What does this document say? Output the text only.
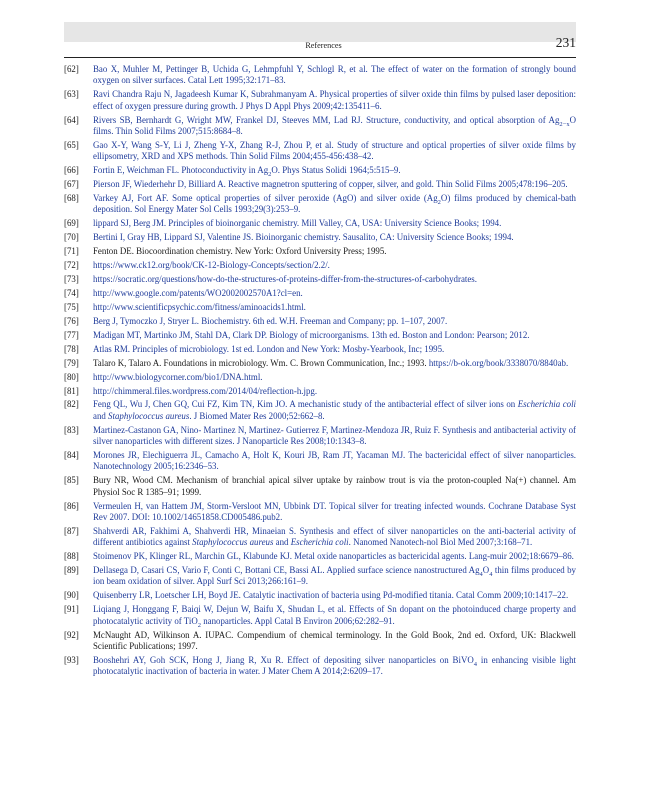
References	231
[62]	Bao X, Muhler M, Pettinger B, Uchida G, Lehmpfuhl Y, Schlogl R, et al. The effect of water on the formation of strongly bound oxygen on silver surfaces. Catal Lett 1995;32:171–83.
[63]	Ravi Chandra Raju N, Jagadeesh Kumar K, Subrahmanyam A. Physical properties of silver oxide thin films by pulsed laser deposition: effect of oxygen pressure during growth. J Phys D Appl Phys 2009;42:135411–6.
[64]	Rivers SB, Bernhardt G, Wright MW, Frankel DJ, Steeves MM, Lad RJ. Structure, conductivity, and optical absorption of $Ag_{2-x}O$ films. Thin Solid Films 2007;515:8684–8.
[65]	Gao X-Y, Wang S-Y, Li J, Zheng Y-X, Zhang R-J, Zhou P, et al. Study of structure and optical properties of silver oxide films by ellipsometry, XRD and XPS methods. Thin Solid Films 2004;455-456:438–42.
[66]	Fortin E, Weichman FL. Photoconductivity in $Ag_2O$. Phys Status Solidi 1964;5:515–9.
[67]	Pierson JF, Wiederhehr D, Billiard A. Reactive magnetron sputtering of copper, silver, and gold. Thin Solid Films 2005;478:196–205.
[68]	Varkey AJ, Fort AF. Some optical properties of silver peroxide (AgO) and silver oxide $(Ag_2O)$ films produced by chemical-bath deposition. Sol Energy Mater Sol Cells 1993;29(3):253–9.
[69]	lippard SJ, Berg JM. Principles of bioinorganic chemistry. Mill Valley, CA, USA: University Science Books; 1994.
[70]	Bertini I, Gray HB, Lippard SJ, Valentine JS. Bioinorganic chemistry. Sausalito, CA: University Science Books; 1994.
[71]	Fenton DE. Biocoordination chemistry. New York: Oxford University Press; 1995.
[72]	https://www.ck12.org/book/CK-12-Biology-Concepts/section/2.2/.
[73]	https://socratic.org/questions/how-do-the-structures-of-proteins-differ-from-the-structures-of-carbohydrates.
[74]	http://www.google.com/patents/WO2002002570A1?cl=en.
[75]	http://www.scientificpsychic.com/fitness/aminoacids1.html.
[76]	Berg J, Tymoczko J, Stryer L. Biochemistry. 6th ed. W.H. Freeman and Company; pp. 1–107, 2007.
[77]	Madigan MT, Martinko JM, Stahl DA, Clark DP. Biology of microorganisms. 13th ed. Boston and London: Pearson; 2012.
[78]	Atlas RM. Principles of microbiology. 1st ed. London and New York: Mosby-Yearbook, Inc; 1995.
[79]	Talaro K, Talaro A. Foundations in microbiology. Wm. C. Brown Communication, Inc.; 1993. https://b-ok.org/book/3338070/8840ab.
[80]	http://www.biologycorner.com/bio1/DNA.html.
[81]	http://chimmeral.files.wordpress.com/2014/04/reflection-h.jpg.
[82]	Feng QL, Wu J, Chen GQ, Cui FZ, Kim TN, Kim JO. A mechanistic study of the antibacterial effect of silver ions on Escherichia coli and Staphylococcus aureus. J Biomed Mater Res 2000;52:662–8.
[83]	Martinez-Castanon GA, Nino- Martinez N, Martinez- Gutierrez F, Martinez-Mendoza JR, Ruiz F. Synthesis and antibacterial activity of silver nanoparticles with different sizes. J Nanoparticle Res 2008;10:1343–8.
[84]	Morones JR, Elechiguerra JL, Camacho A, Holt K, Kouri JB, Ram JT, Yacaman MJ. The bactericidal effect of silver nanoparticles. Nanotechnology 2005;16:2346–53.
[85]	Bury NR, Wood CM. Mechanism of branchial apical silver uptake by rainbow trout is via the proton-coupled Na(+) channel. Am Physiol Soc R 1385–91; 1999.
[86]	Vermeulen H, van Hattem JM, Storm-Versloot MN, Ubbink DT. Topical silver for treating infected wounds. Cochrane Database Syst Rev 2007. DOI: 10.1002/14651858.CD005486.pub2.
[87]	Shahverdi AR, Fakhimi A, Shahverdi HR, Minaeian S. Synthesis and effect of silver nanoparticles on the anti-bacterial activity of different antibiotics against Staphylococcus aureus and Escherichia coli. Nanomed Nanotech-nol Biol Med 2007;3:168–71.
[88]	Stoimenov PK, Klinger RL, Marchin GL, Klabunde KJ. Metal oxide nanoparticles as bactericidal agents. Lang-muir 2002;18:6679–86.
[89]	Dellasega D, Casari CS, Vario F, Conti C, Bottani CE, Bassi AL. Applied surface science nanostructured $Ag_4O_4$ thin films produced by ion beam oxidation of silver. Appl Surf Sci 2013;266:161–9.
[90]	Quisenberry LR, Loetscher LH, Boyd JE. Catalytic inactivation of bacteria using Pd-modified titania. Catal Comm 2009;10:1417–22.
[91]	Liqiang J, Honggang F, Baiqi W, Dejun W, Baifu X, Shudan L, et al. Effects of Sn dopant on the photoinduced charge property and photocatalytic activity of TiO$_2$ nanoparticles. Appl Catal B Environ 2006;62:282–91.
[92]	McNaught AD, Wilkinson A. IUPAC. Compendium of chemical terminology. In the Gold Book, 2nd ed. Oxford, UK: Blackwell Scientific Publications; 1997.
[93]	Booshehri AY, Goh SCK, Hong J, Jiang R, Xu R. Effect of depositing silver nanoparticles on BiVO$_4$ in enhancing visible light photocatalytic inactivation of bacteria in water. J Mater Chem A 2014;2:6209–17.
